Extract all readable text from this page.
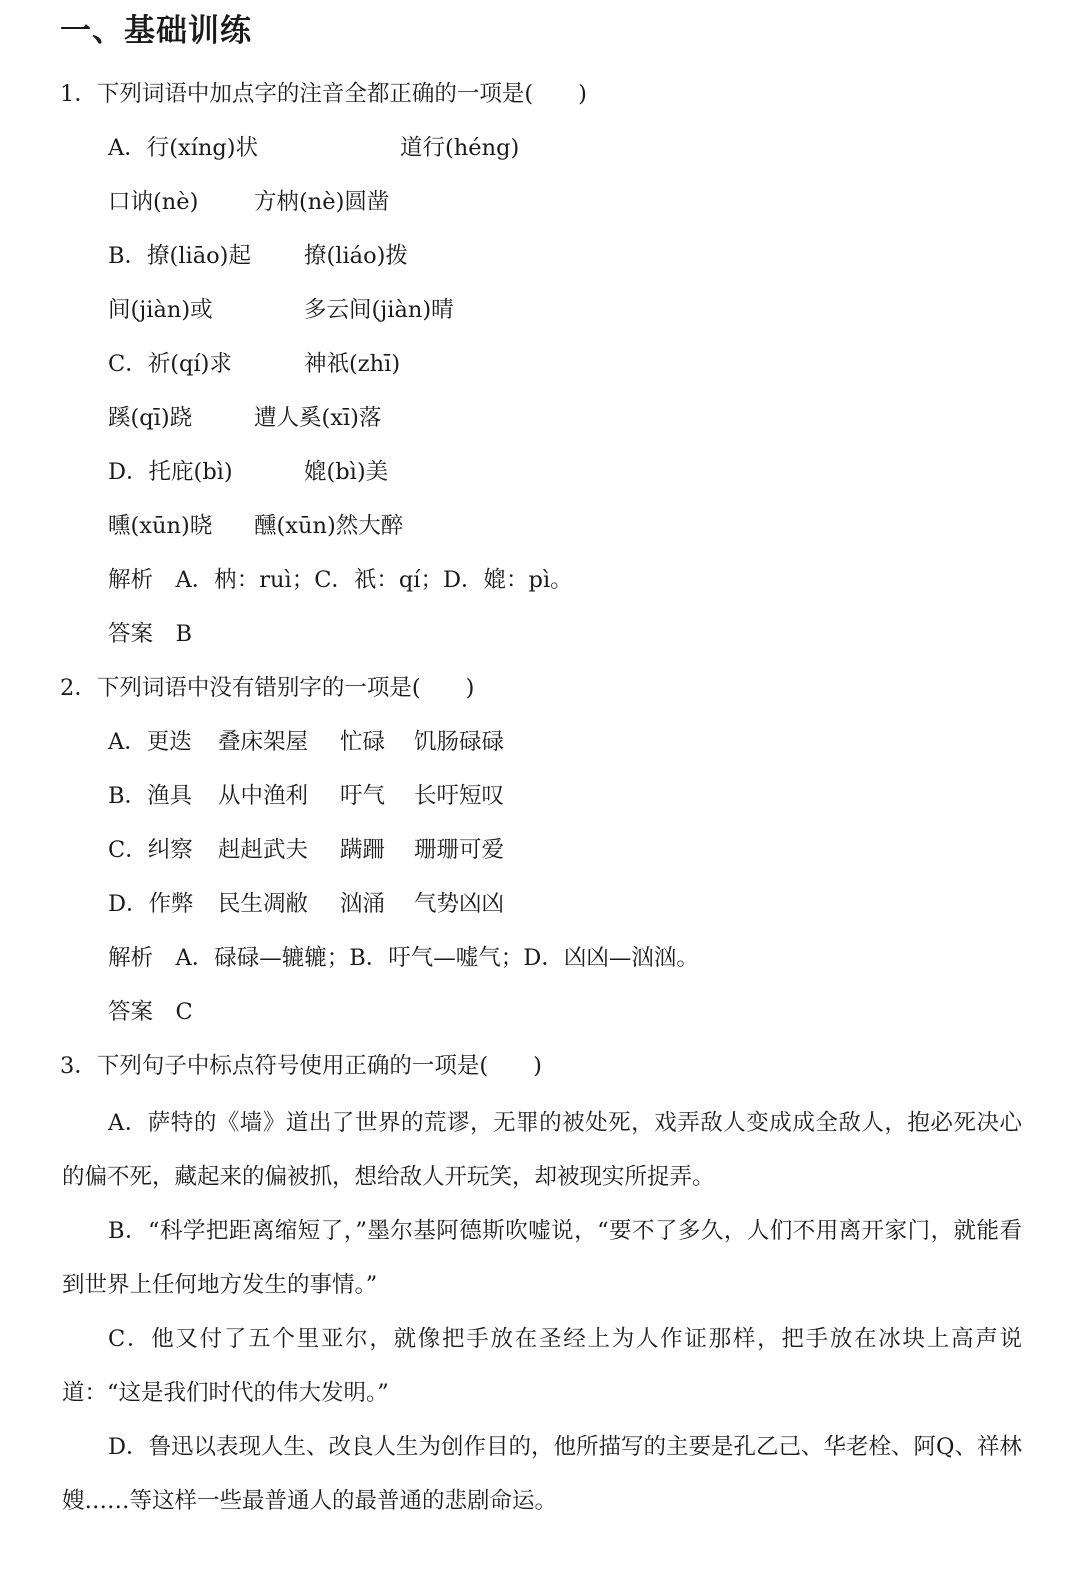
一、基础训练
1．下列词语中加点字的注音全都正确的一项是(　　)
A．行(xíng)状	道行(héng)
口讷(nè)	方枘(nè)圆凿
B．撩(liāo)起	撩(liáo)拨
间(jiàn)或	多云间(jiàn)晴
C．祈(qí)求	神祇(zhī)
蹊(qī)跷	遭人奚(xī)落
D．托庇(bì)	媲(bì)美
曛(xūn)晓	醺(xūn)然大醉
解析　A．枘：ruì；C．祇：qí；D．媲：pì。
答案　B
2．下列词语中没有错别字的一项是(　　)
A．更迭	叠床架屋	忙碌	饥肠碌碌
B．渔具	从中渔利	吁气	长吁短叹
C．纠察	赳赳武夫	蹒跚	珊珊可爱
D．作弊	民生凋敝	汹涌	气势凶凶
解析　A．碌碌—辘辘；B．吁气—嘘气；D．凶凶—汹汹。
答案　C
3．下列句子中标点符号使用正确的一项是(　　)
A．萨特的《墙》道出了世界的荒谬，无罪的被处死，戏弄敌人变成成全敌人，抱必死决心的偏不死，藏起来的偏被抓，想给敌人开玩笑，却被现实所捉弄。
B．“科学把距离缩短了，”墨尔基阿德斯吹嘘说，“要不了多久，人们不用离开家门，就能看到世界上任何地方发生的事情。”
C．他又付了五个里亚尔，就像把手放在圣经上为人作证那样，把手放在冰块上高声说道：“这是我们时代的伟大发明。”
D．鲁迅以表现人生、改良人生为创作目的，他所描写的主要是孔乙己、华老栓、阿Q、祥林嫂……等这样一些最普通人的最普通的悲剧命运。
